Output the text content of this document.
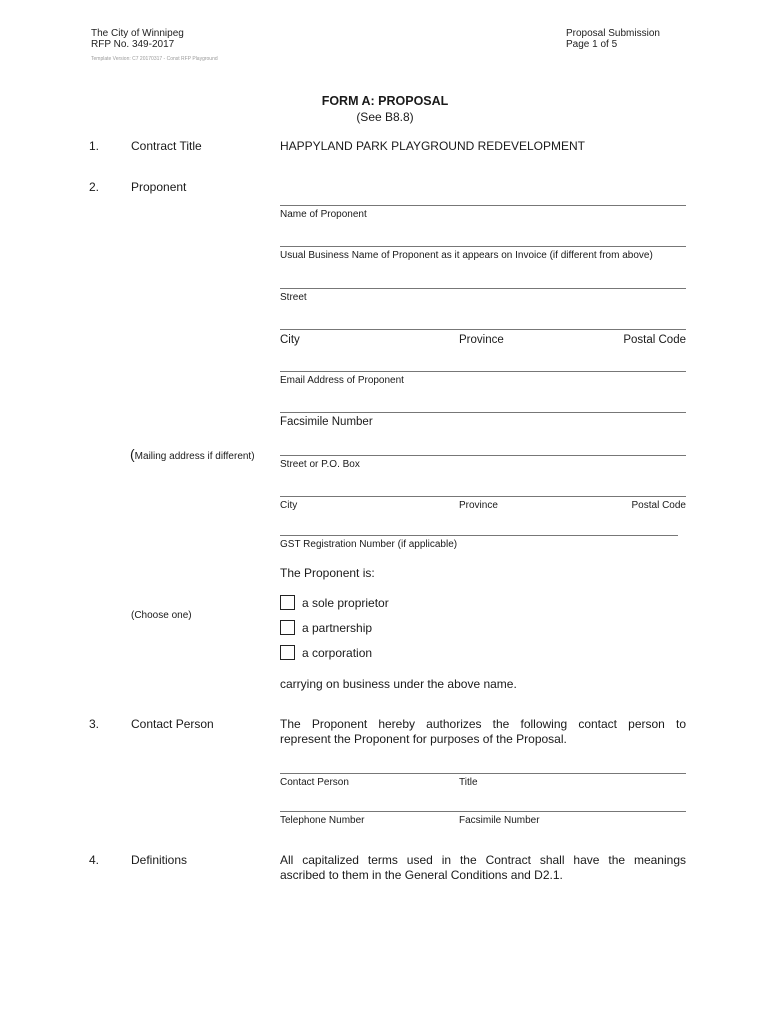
The City of Winnipeg
RFP No. 349-2017
Template Version: C7 20170317 - Const RFP Playground
Proposal Submission
Page 1 of 5
FORM A: PROPOSAL
(See B8.8)
1.	Contract Title	HAPPYLAND PARK PLAYGROUND REDEVELOPMENT
2.	Proponent
Name of Proponent
Usual Business Name of Proponent as it appears on Invoice (if different from above)
Street
City	Province	Postal Code
Email Address of Proponent
Facsimile Number
(Mailing address if different)
Street or P.O. Box
City	Province	Postal Code
GST Registration Number (if applicable)
The Proponent is:
(Choose one)
a sole proprietor
a partnership
a corporation
carrying on business under the above name.
3.	Contact Person	The Proponent hereby authorizes the following contact person to
represent the Proponent for purposes of the Proposal.
Contact Person	Title
Telephone Number	Facsimile Number
4.	Definitions	All capitalized terms used in the Contract shall have the meanings
ascribed to them in the General Conditions and D2.1.
